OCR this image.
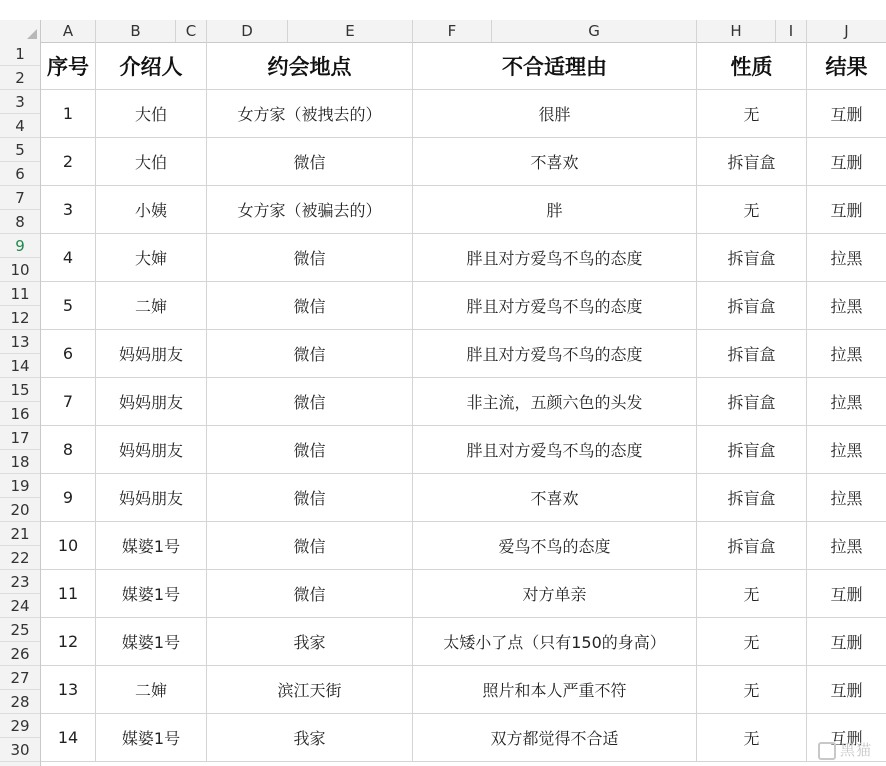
A	B	C	D	E	F	G	H	I	J
1
2
3
4
5
6
7
8
9
10
11
12
13
14
15
16
17
18
19
20
21
22
23
24
25
26
27
28
29
30
序号	介绍人	约会地点	不合适理由	性质	结果
1	大伯	女方家（被拽去的）	很胖	无	互删
2	大伯	微信	不喜欢	拆盲盒	互删
3	小姨	女方家（被骗去的）	胖	无	互删
4	大婶	微信	胖且对方爱鸟不鸟的态度	拆盲盒	拉黑
5	二婶	微信	胖且对方爱鸟不鸟的态度	拆盲盒	拉黑
6	妈妈朋友	微信	胖且对方爱鸟不鸟的态度	拆盲盒	拉黑
7	妈妈朋友	微信	非主流，五颜六色的头发	拆盲盒	拉黑
8	妈妈朋友	微信	胖且对方爱鸟不鸟的态度	拆盲盒	拉黑
9	妈妈朋友	微信	不喜欢	拆盲盒	拉黑
10	媒婆1号	微信	爱鸟不鸟的态度	拆盲盒	拉黑
11	媒婆1号	微信	对方单亲	无	互删
12	媒婆1号	我家	太矮小了点（只有150的身高）	无	互删
13	二婶	滨江天街	照片和本人严重不符	无	互删
14	媒婆1号	我家	双方都觉得不合适	无	互删
黑猫
